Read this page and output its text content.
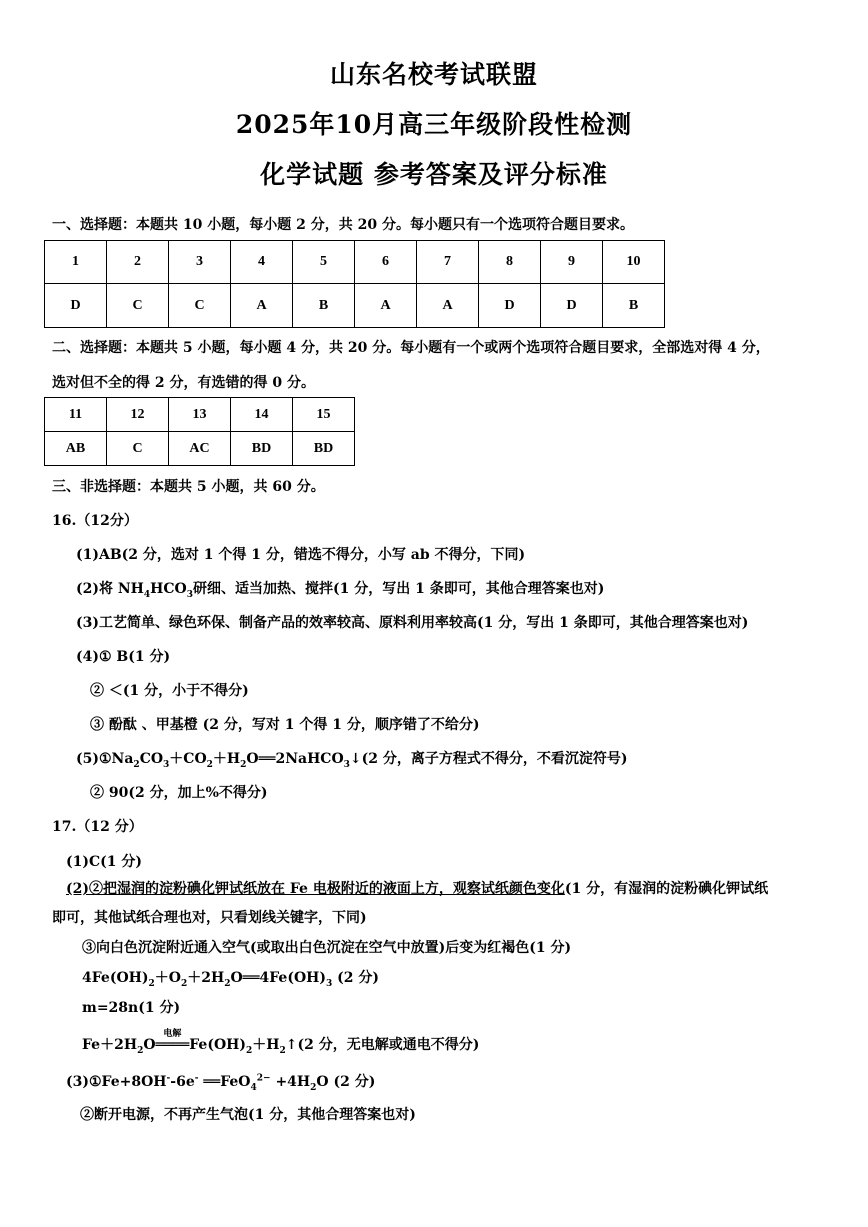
山东名校考试联盟
2025年10月高三年级阶段性检测
化学试题 参考答案及评分标准
一、选择题：本题共 10 小题，每小题 2 分，共 20 分。每小题只有一个选项符合题目要求。
1	2	3	4	5	6	7	8	9	10
D	C	C	A	B	A	A	D	D	B
二、选择题：本题共 5 小题，每小题 4 分，共 20 分。每小题有一个或两个选项符合题目要求，全部选对得 4 分，
选对但不全的得 2 分，有选错的得 0 分。
11	12	13	14	15
AB	C	AC	BD	BD
三、非选择题：本题共 5 小题，共 60 分。
16.（12分）
(1)AB(2 分，选对 1 个得 1 分，错选不得分，小写 ab 不得分，下同)
(2)将 $NH_4HCO_3$研细、适当加热、搅拌(1 分，写出 1 条即可，其他合理答案也对)
(3)工艺简单、绿色环保、制备产品的效率较高、原料利用率较高(1 分，写出 1 条即可，其他合理答案也对)
(4)① B(1 分)
② ＜(1 分，小于不得分)
③ 酚酞 、甲基橙 (2 分，写对 1 个得 1 分，顺序错了不给分)
$(5)①Na_2CO_3+CO_2+H_2O══2NaHCO_3↓(2$ 分，离子方程式不得分，不看沉淀符号)
② 90(2 分，加上%不得分)
17.（12 分）
(1)C(1 分)
(2)②把湿润的淀粉碘化钾试纸放在 Fe 电极附近的液面上方，观察试纸颜色变化(1 分，有湿润的淀粉碘化钾试纸
即可，其他试纸合理也对，只看划线关键字，下同)
③向白色沉淀附近通入空气(或取出白色沉淀在空气中放置)后变为红褐色(1 分)
$4Fe(OH)_2+O_2+2H_2O══4Fe(OH)_3$ (2 分)
m=28n(1 分)
$Fe+2H_2O$
电解
$════Fe(OH)_2+H_2↑(2$ 分，无电解或通电不得分)
(3)①Fe+8OH--6e- ══FeO$_4^{2-}$ $+4H_2O$ (2 分)
②断开电源，不再产生气泡(1 分，其他合理答案也对)
